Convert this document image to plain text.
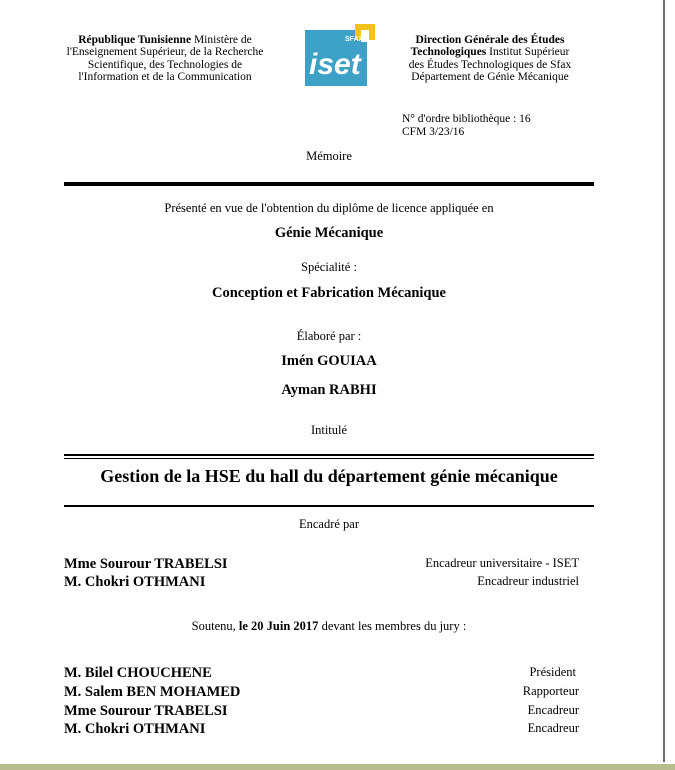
République Tunisienne Ministère de l'Enseignement Supérieur, de la Recherche Scientifique, des Technologies de l'Information et de la Communication
SFAX
iset
Direction Générale des Études Technologiques Institut Supérieur des Études Technologiques de Sfax Département de Génie Mécanique
N° d'ordre bibliothèque : 16
CFM 3/23/16
Mémoire
Présenté en vue de l'obtention du diplôme de licence appliquée en
Génie Mécanique
Spécialité :
Conception et Fabrication Mécanique
Élaboré par :
Imén GOUIAA
Ayman RABHI
Intitulé
Gestion de la HSE du hall du département génie mécanique
Encadré par
Mme Sourour TRABELSI	Encadreur universitaire - ISET
M. Chokri OTHMANI	Encadreur industriel
Soutenu, le 20 Juin 2017 devant les membres du jury :
M. Bilel CHOUCHENE	Président
M. Salem BEN MOHAMED	Rapporteur
Mme Sourour TRABELSI	Encadreur
M. Chokri OTHMANI	Encadreur
